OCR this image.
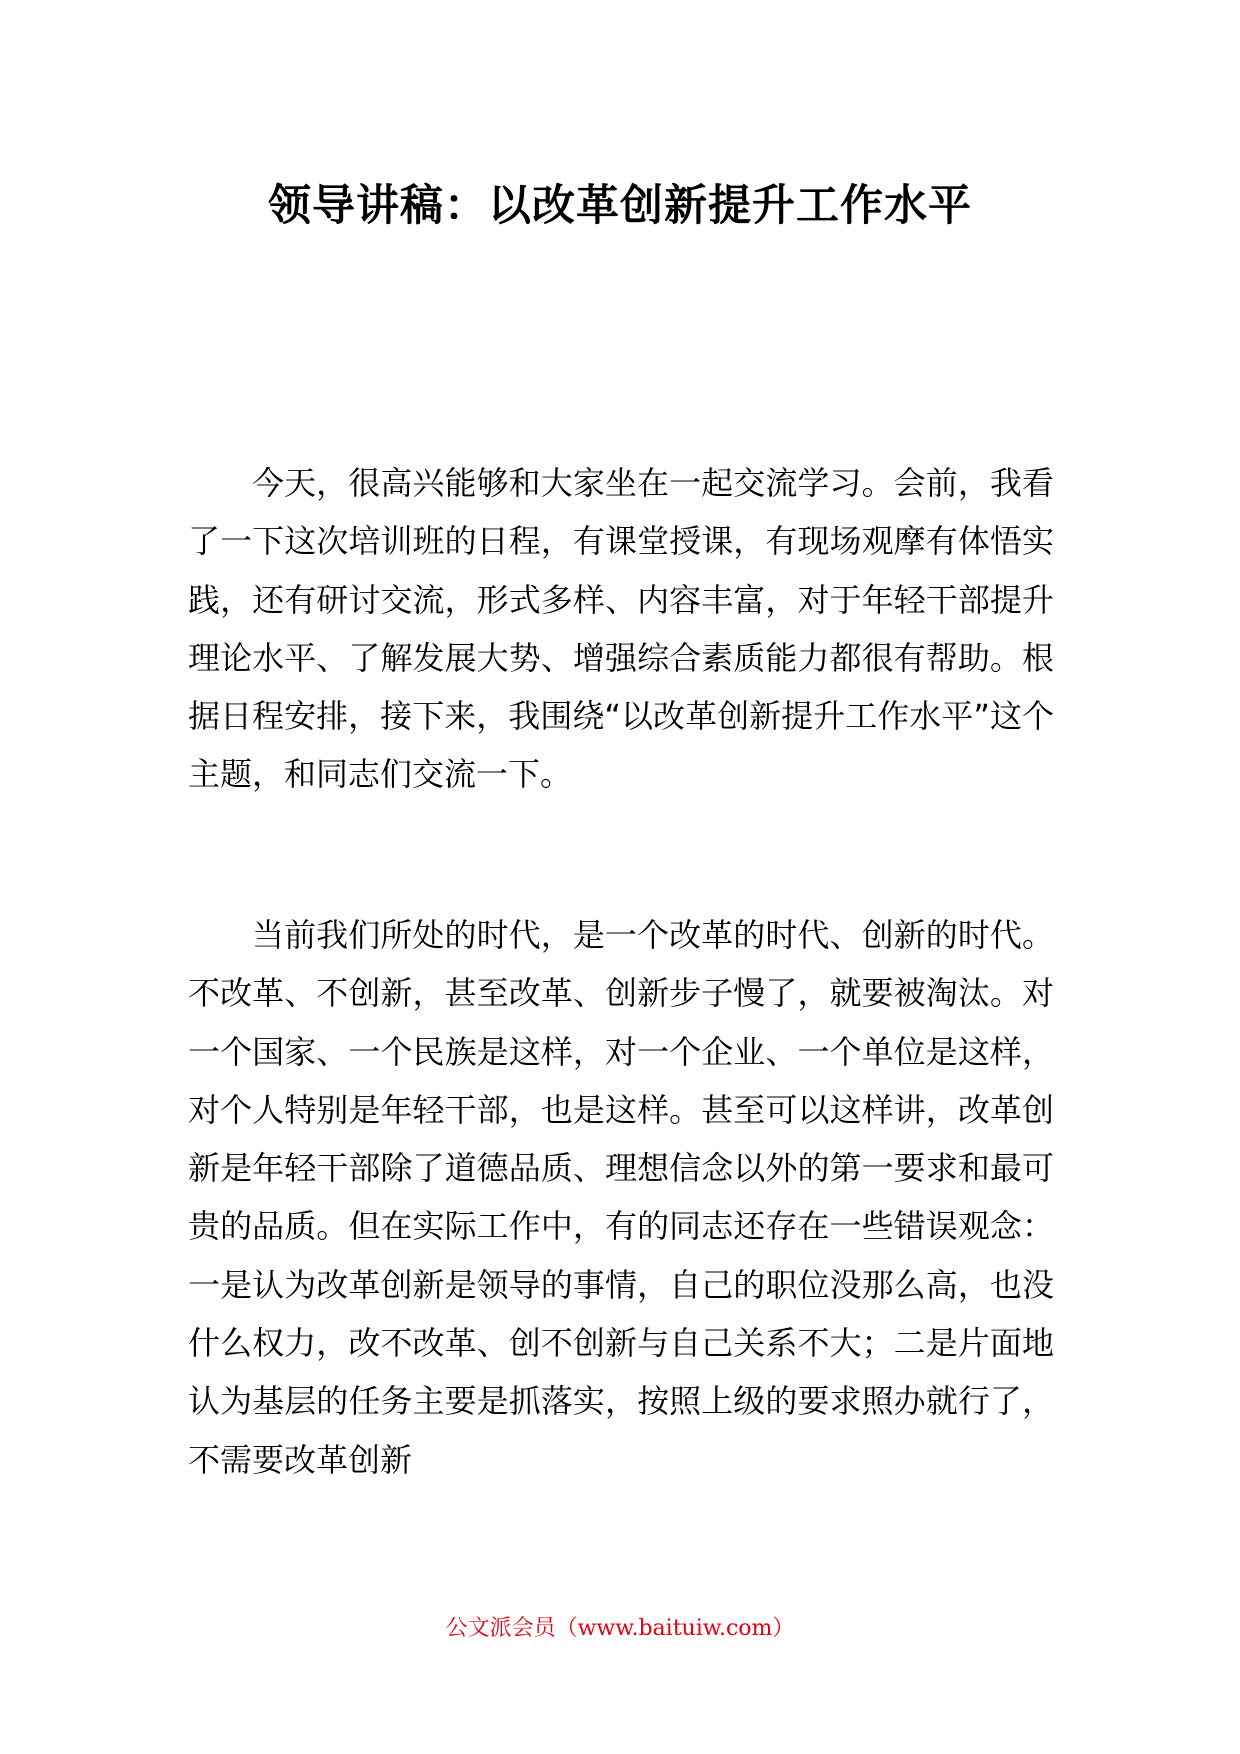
领导讲稿：以改革创新提升工作水平

今天，很高兴能够和大家坐在一起交流学习。会前，我看了一下这次培训班的日程，有课堂授课，有现场观摩有体悟实践，还有研讨交流，形式多样、内容丰富，对于年轻干部提升理论水平、了解发展大势、增强综合素质能力都很有帮助。根据日程安排，接下来，我围绕“以改革创新提升工作水平”这个主题，和同志们交流一下。

当前我们所处的时代，是一个改革的时代、创新的时代。不改革、不创新，甚至改革、创新步子慢了，就要被淘汰。对一个国家、一个民族是这样，对一个企业、一个单位是这样，对个人特别是年轻干部，也是这样。甚至可以这样讲，改革创新是年轻干部除了道德品质、理想信念以外的第一要求和最可贵的品质。但在实际工作中，有的同志还存在一些错误观念：一是认为改革创新是领导的事情，自己的职位没那么高，也没什么权力，改不改革、创不创新与自己关系不大；二是片面地认为基层的任务主要是抓落实，按照上级的要求照办就行了，不需要改革创新

公文派会员（www.baituiw.com）
